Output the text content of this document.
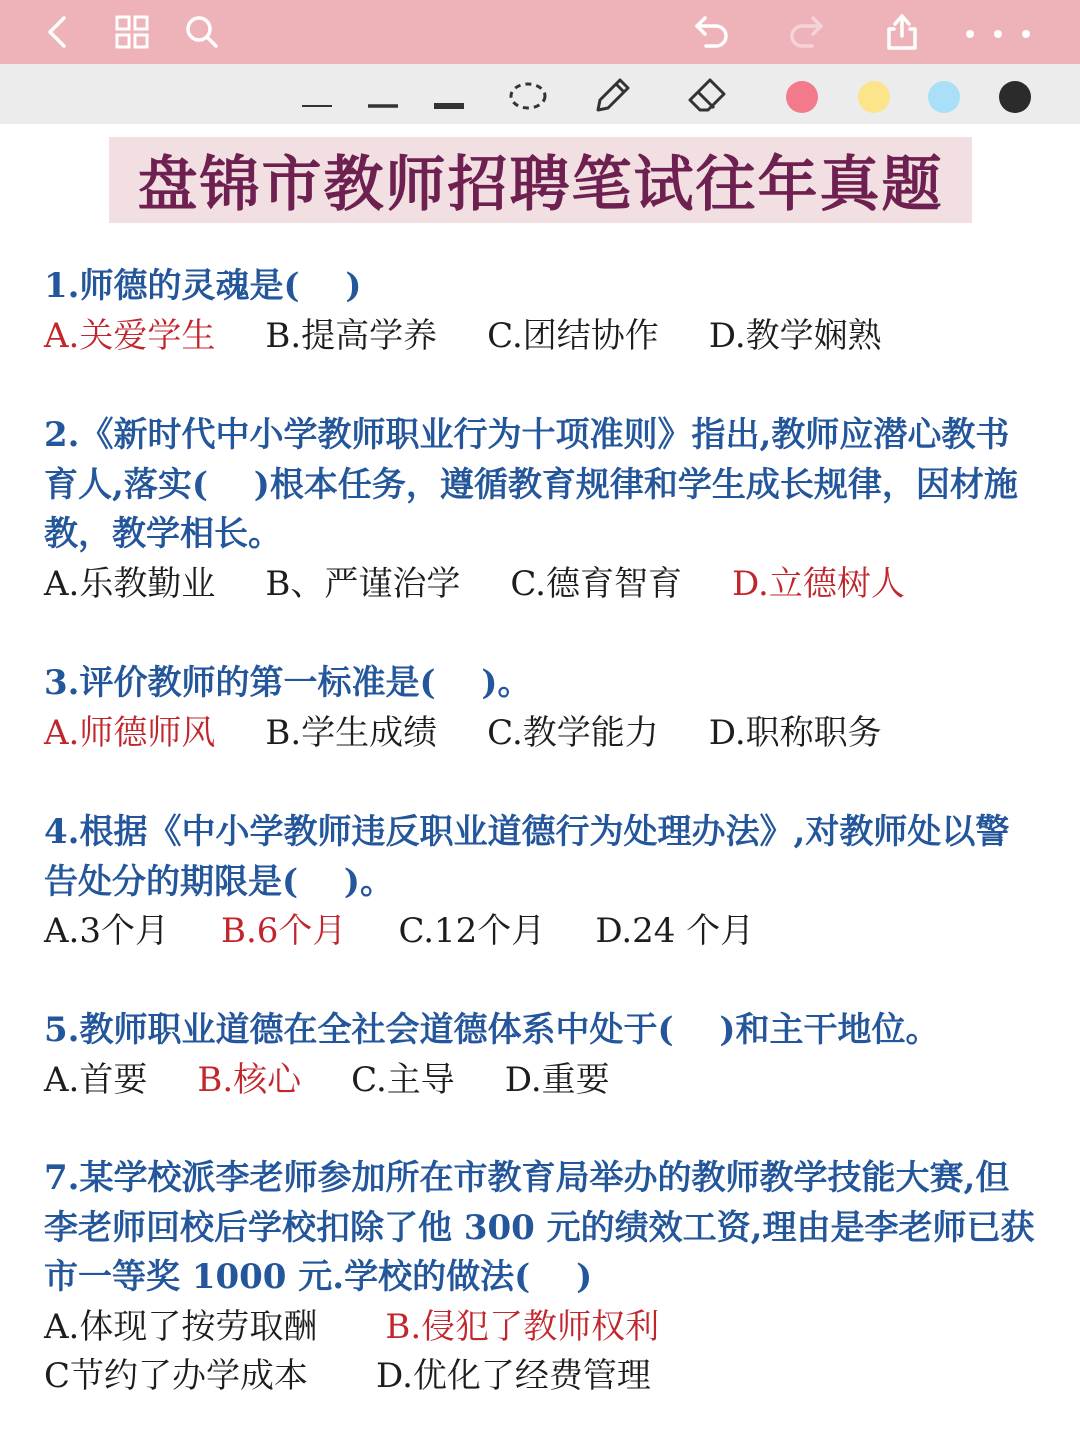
盘锦市教师招聘笔试往年真题
1.师德的灵魂是(　 )
A.关爱学生 B.提高学养 C.团结协作 D.教学娴熟
2.《新时代中小学教师职业行为十项准则》指出,教师应潜心教书育人,落实(　 )根本任务，遵循教育规律和学生成长规律，因材施教，教学相长。
A.乐教勤业 B、严谨治学 C.德育智育 D.立德树人
3.评价教师的第一标准是(　 )。
A.师德师风 B.学生成绩 C.教学能力 D.职称职务
4.根据《中小学教师违反职业道德行为处理办法》,对教师处以警告处分的期限是(　 )。
A.3个月 B.6个月 C.12个月 D.24 个月
5.教师职业道德在全社会道德体系中处于(　 )和主干地位。
A.首要 B.核心 C.主导 D.重要
7.某学校派李老师参加所在市教育局举办的教师教学技能大赛,但李老师回校后学校扣除了他 300 元的绩效工资,理由是李老师已获市一等奖 1000 元.学校的做法(　 )
A.体现了按劳取酬 B.侵犯了教师权利
C节约了办学成本 D.优化了经费管理
